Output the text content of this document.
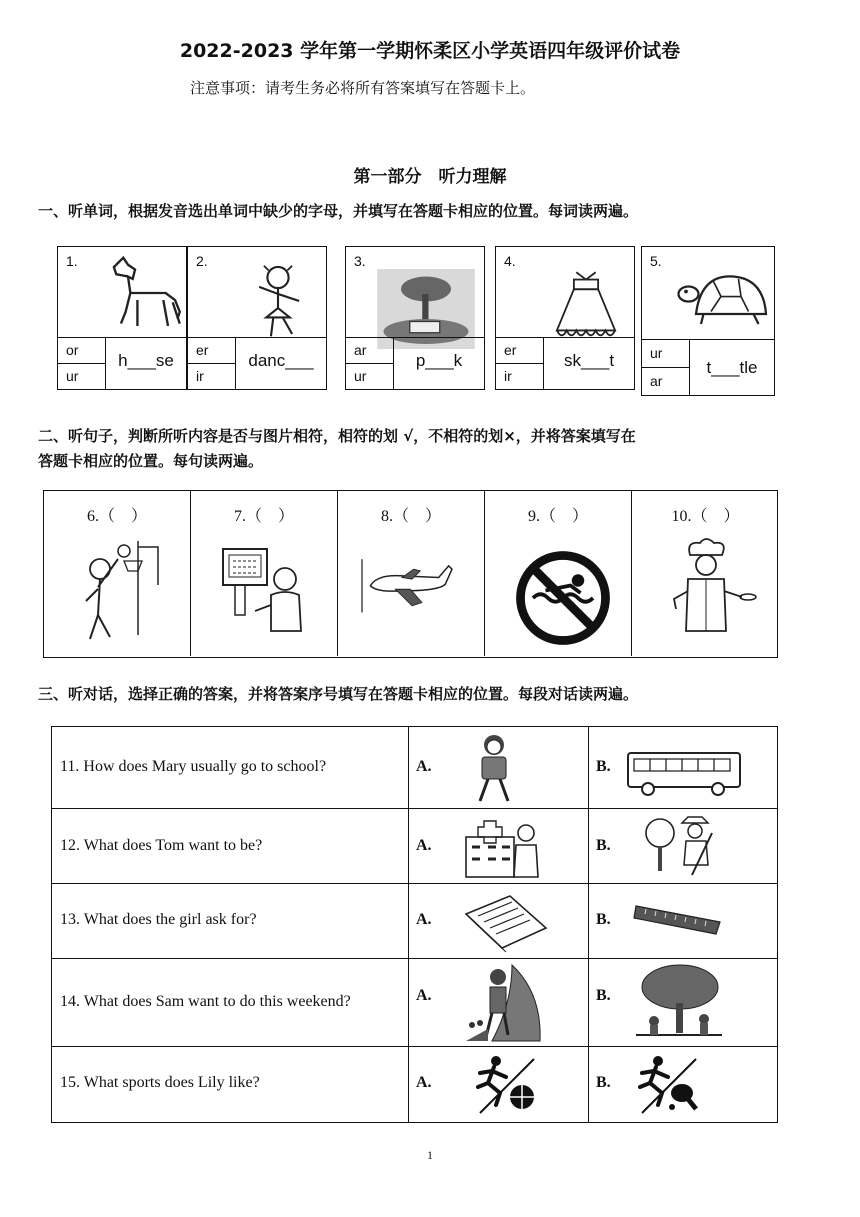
2022-2023 学年第一学期怀柔区小学英语四年级评价试卷
注意事项：请考生务必将所有答案填写在答题卡上。
第一部分　听力理解
一、听单词，根据发音选出单词中缺少的字母，并填写在答题卡相应的位置。每词读两遍。
1.
or
ur
h___se
2.
er
ir
danc___
3.
ar
ur
p___k
4.
er
ir
sk___t
5.
ur
ar
t___tle
二、听句子，判断所听内容是否与图片相符，相符的划 √，不相符的划×，并将答案填写在
答题卡相应的位置。每句读两遍。
6.（　）	7.（　）	8.（　）	9.（　）	10.（　）
三、听对话，选择正确的答案，并将答案序号填写在答题卡相应的位置。每段对话读两遍。
11. How does Mary usually go to school?	A.	B.
12. What does Tom want to be?	A.	B.
13. What does the girl ask for?	A.	B.
14. What does Sam want to do this weekend?	A.	B.
15. What sports does Lily like?	A.	B.
1
